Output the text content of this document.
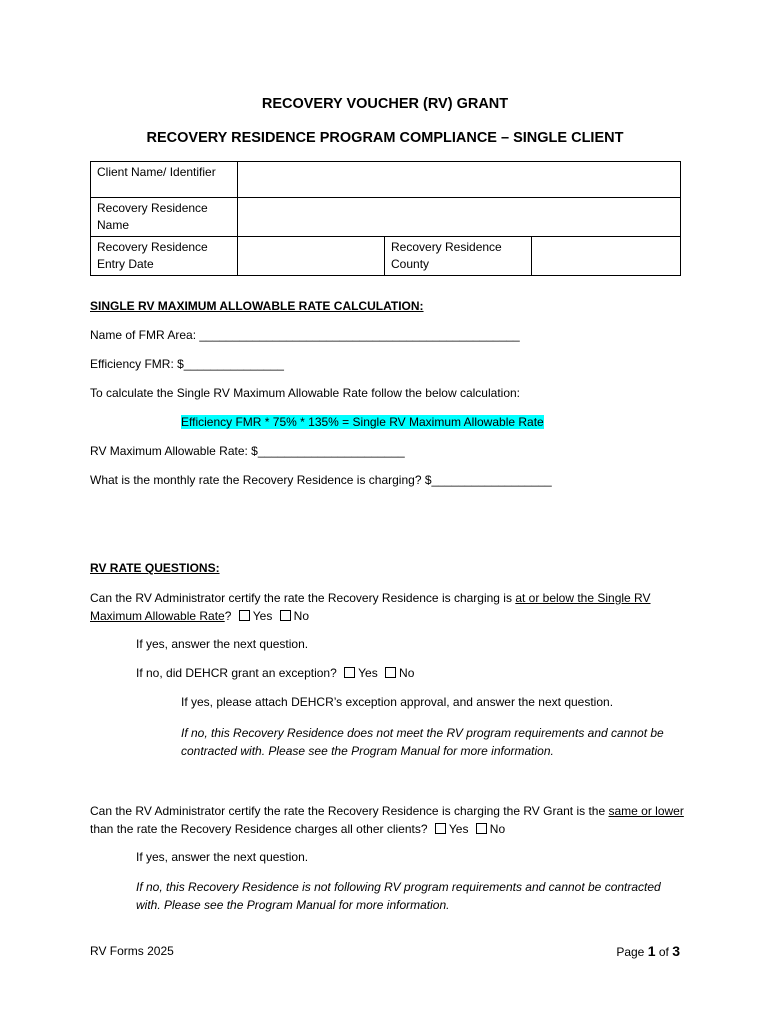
RECOVERY VOUCHER (RV) GRANT
RECOVERY RESIDENCE PROGRAM COMPLIANCE – SINGLE CLIENT
Client Name/ Identifier			
Recovery Residence Name			
Recovery Residence Entry Date		Recovery Residence County	
SINGLE RV MAXIMUM ALLOWABLE RATE CALCULATION:
Name of FMR Area: ________________________________________________
Efficiency FMR: $_______________
To calculate the Single RV Maximum Allowable Rate follow the below calculation:
Efficiency FMR * 75% * 135% = Single RV Maximum Allowable Rate
RV Maximum Allowable Rate: $______________________
What is the monthly rate the Recovery Residence is charging? $__________________
RV RATE QUESTIONS:
Can the RV Administrator certify the rate the Recovery Residence is charging is at or below the Single RV Maximum Allowable Rate? Yes No
If yes, answer the next question.
If no, did DEHCR grant an exception? Yes No
If yes, please attach DEHCR’s exception approval, and answer the next question.
If no, this Recovery Residence does not meet the RV program requirements and cannot be contracted with. Please see the Program Manual for more information.
Can the RV Administrator certify the rate the Recovery Residence is charging the RV Grant is the same or lower than the rate the Recovery Residence charges all other clients? Yes No
If yes, answer the next question.
If no, this Recovery Residence is not following RV program requirements and cannot be contracted with. Please see the Program Manual for more information.
RV Forms 2025	Page 1 of 3
